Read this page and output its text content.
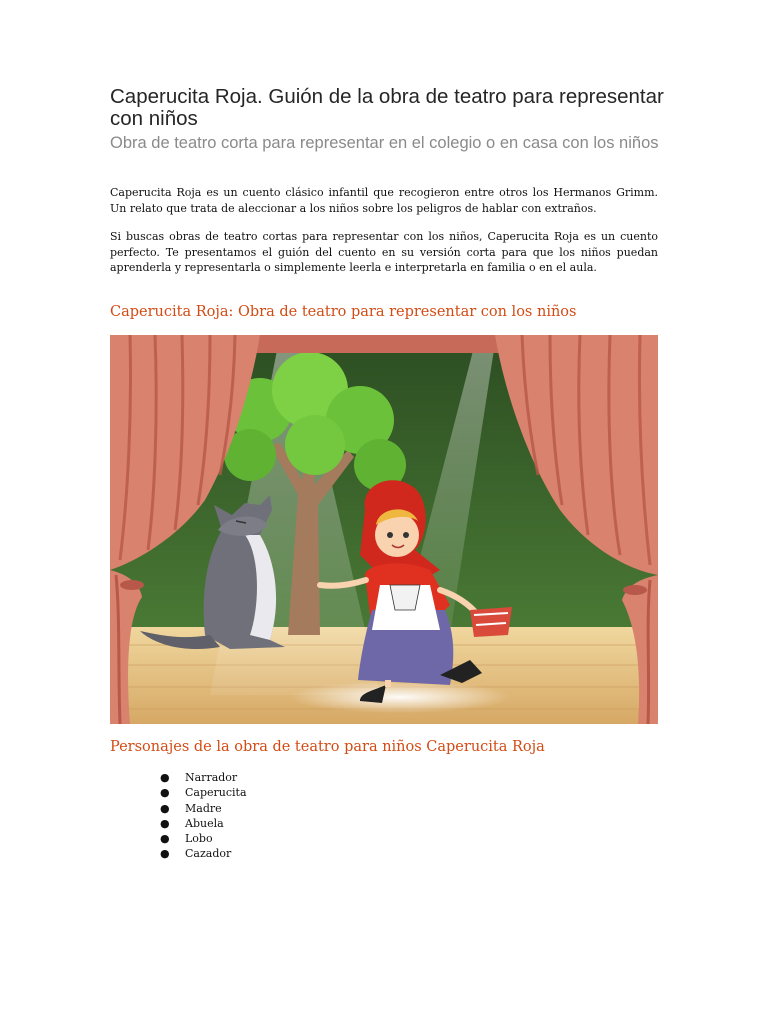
Caperucita Roja. Guión de la obra de teatro para representar con niños

Obra de teatro corta para representar en el colegio o en casa con los niños

Caperucita Roja es un cuento clásico infantil que recogieron entre otros los Hermanos Grimm. Un relato que trata de aleccionar a los niños sobre los peligros de hablar con extraños.

Si buscas obras de teatro cortas para representar con los niños, Caperucita Roja es un cuento perfecto. Te presentamos el guión del cuento en su versión corta para que los niños puedan aprenderla y representarla o simplemente leerla e interpretarla en familia o en el aula.

Caperucita Roja: Obra de teatro para representar con los niños
Personajes de la obra de teatro para niños Caperucita Roja
● Narrador
● Caperucita
● Madre
● Abuela
● Lobo
● Cazador
